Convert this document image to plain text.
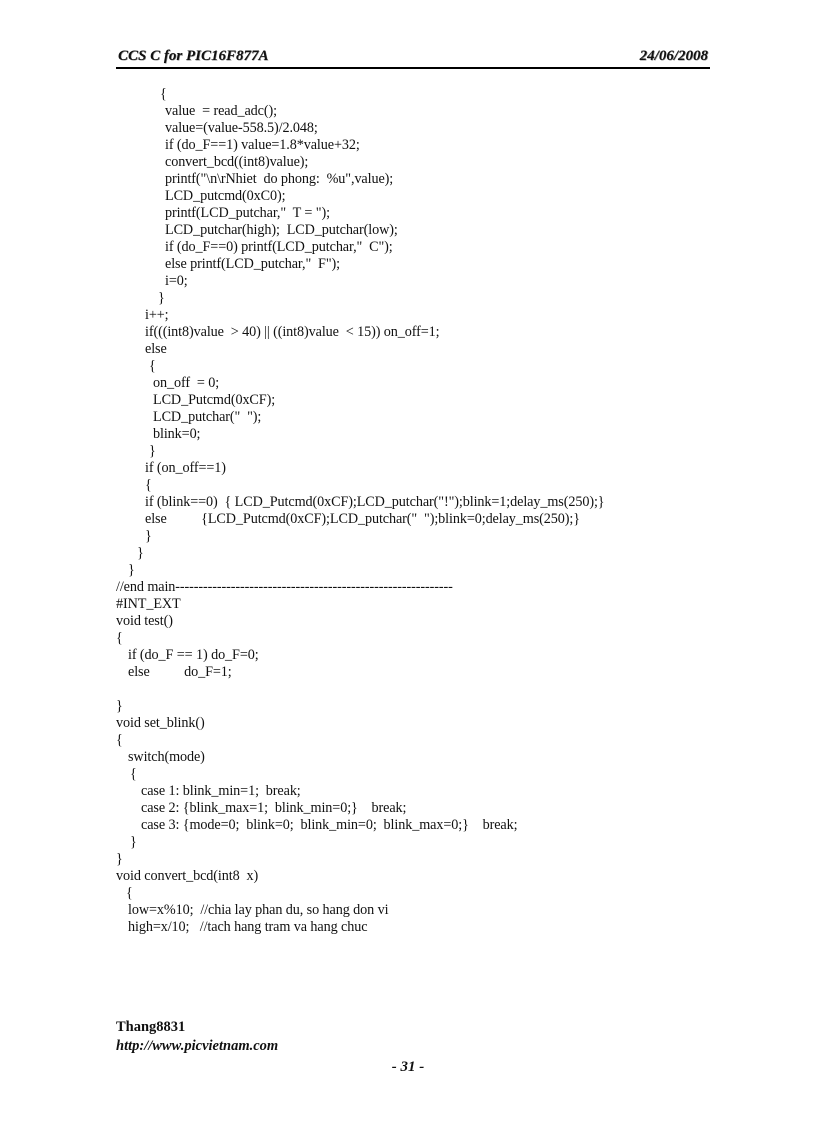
CCS C for PIC16F877A	24/06/2008
{
value  = read_adc();
value=(value-558.5)/2.048;
if (do_F==1) value=1.8*value+32;
convert_bcd((int8)value);
printf("\n\rNhiet  do phong:  %u",value);
LCD_putcmd(0xC0);
printf(LCD_putchar,"  T = ");
LCD_putchar(high);  LCD_putchar(low);
if (do_F==0) printf(LCD_putchar,"  C");
else printf(LCD_putchar,"  F");
i=0;
}
i++;
if(((int8)value  > 40) || ((int8)value  < 15)) on_off=1;
else
{
on_off  = 0;
LCD_Putcmd(0xCF);
LCD_putchar("  ");
blink=0;
}
if (on_off==1)
{
if (blink==0)  { LCD_Putcmd(0xCF);LCD_putchar("!");blink=1;delay_ms(250);}
else          {LCD_Putcmd(0xCF);LCD_putchar("  ");blink=0;delay_ms(250);}
}
}
}
//end main------------------------------------------------------------
#INT_EXT
void test()
{
if (do_F == 1) do_F=0;
else          do_F=1;
}
void set_blink()
{
switch(mode)
{
case 1: blink_min=1;  break;
case 2: {blink_max=1;  blink_min=0;}    break;
case 3: {mode=0;  blink=0;  blink_min=0;  blink_max=0;}    break;
}
}
void convert_bcd(int8  x)
{
low=x%10;  //chia lay phan du, so hang don vi
high=x/10;   //tach hang tram va hang chuc
Thang8831
http://www.picvietnam.com
- 31 -
